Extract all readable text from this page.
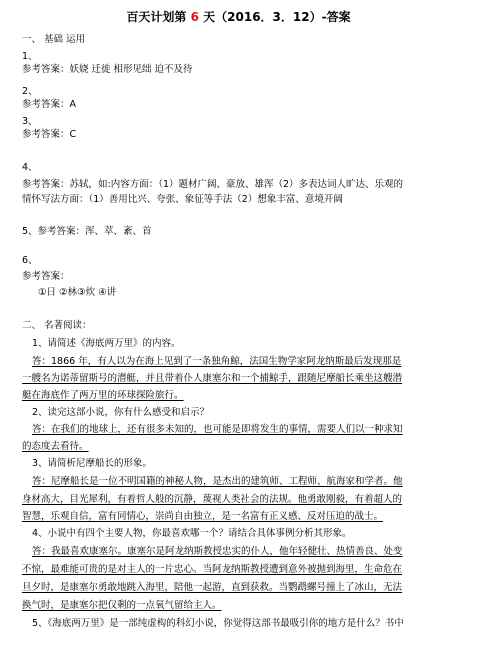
百天计划第 6 天（2016．3．12）-答案
一、 基础 运用
1、
参考答案：妖娆 迁徙 相形见绌 迫不及待
2、
参考答案：A
3、
参考答案：C
4、
参考答案：苏轼，如:内容方面：（1）题材广阔、豪放、雄浑（2）多表达词人旷达、乐观的
情怀写法方面：（1）善用比兴、夸张、象征等手法（2）想象丰富、意境开阔
5、参考答案：浑、萃、紊、首
6、
参考答案：
①日 ②林③炊 ④讲
二、 名著阅读：
1、请简述《海底两万里》的内容。
答：1866 年，有人以为在海上见到了一条独角鲸，法国生物学家阿龙纳斯最后发现那是
一艘名为诺蒂留斯号的潜艇，并且带着仆人康塞尔和一个捕鲸手，跟随尼摩船长乘坐这艘潜
艇在海底作了两万里的环球探险旅行。
2、读完这部小说，你有什么感受和启示？
答：在我们的地球上，还有很多未知的，也可能是即将发生的事情，需要人们以一种求知
的态度去看待。
3、请简析尼摩船长的形象。
答：尼摩船长是一位不明国籍的神秘人物，是杰出的建筑师、工程师、航海家和学者。他
身材高大，目光犀利，有着哲人般的沉静，蔑视人类社会的法规。他勇敢刚毅，有着超人的
智慧，乐观自信，富有同情心，崇尚自由独立，是一名富有正义感、反对压迫的战士。
4、小说中有四个主要人物，你最喜欢哪一个？请结合具体事例分析其形象。
答：我最喜欢康塞尔。康塞尔是阿龙纳斯教授忠实的仆人，他年轻健壮、热情善良、处变
不惊，最难能可贵的是对主人的一片忠心。当阿龙纳斯教授遭到意外被抛到海里，生命危在
旦夕时，是康塞尔勇敢地跳入海里，陪他一起游，直到获救。当鹦鹉螺号撞上了冰山，无法
换气时，是康塞尔把仅剩的一点氧气留给主人。
5、《海底两万里》是一部纯虚构的科幻小说，你觉得这部书最吸引你的地方是什么？书中
